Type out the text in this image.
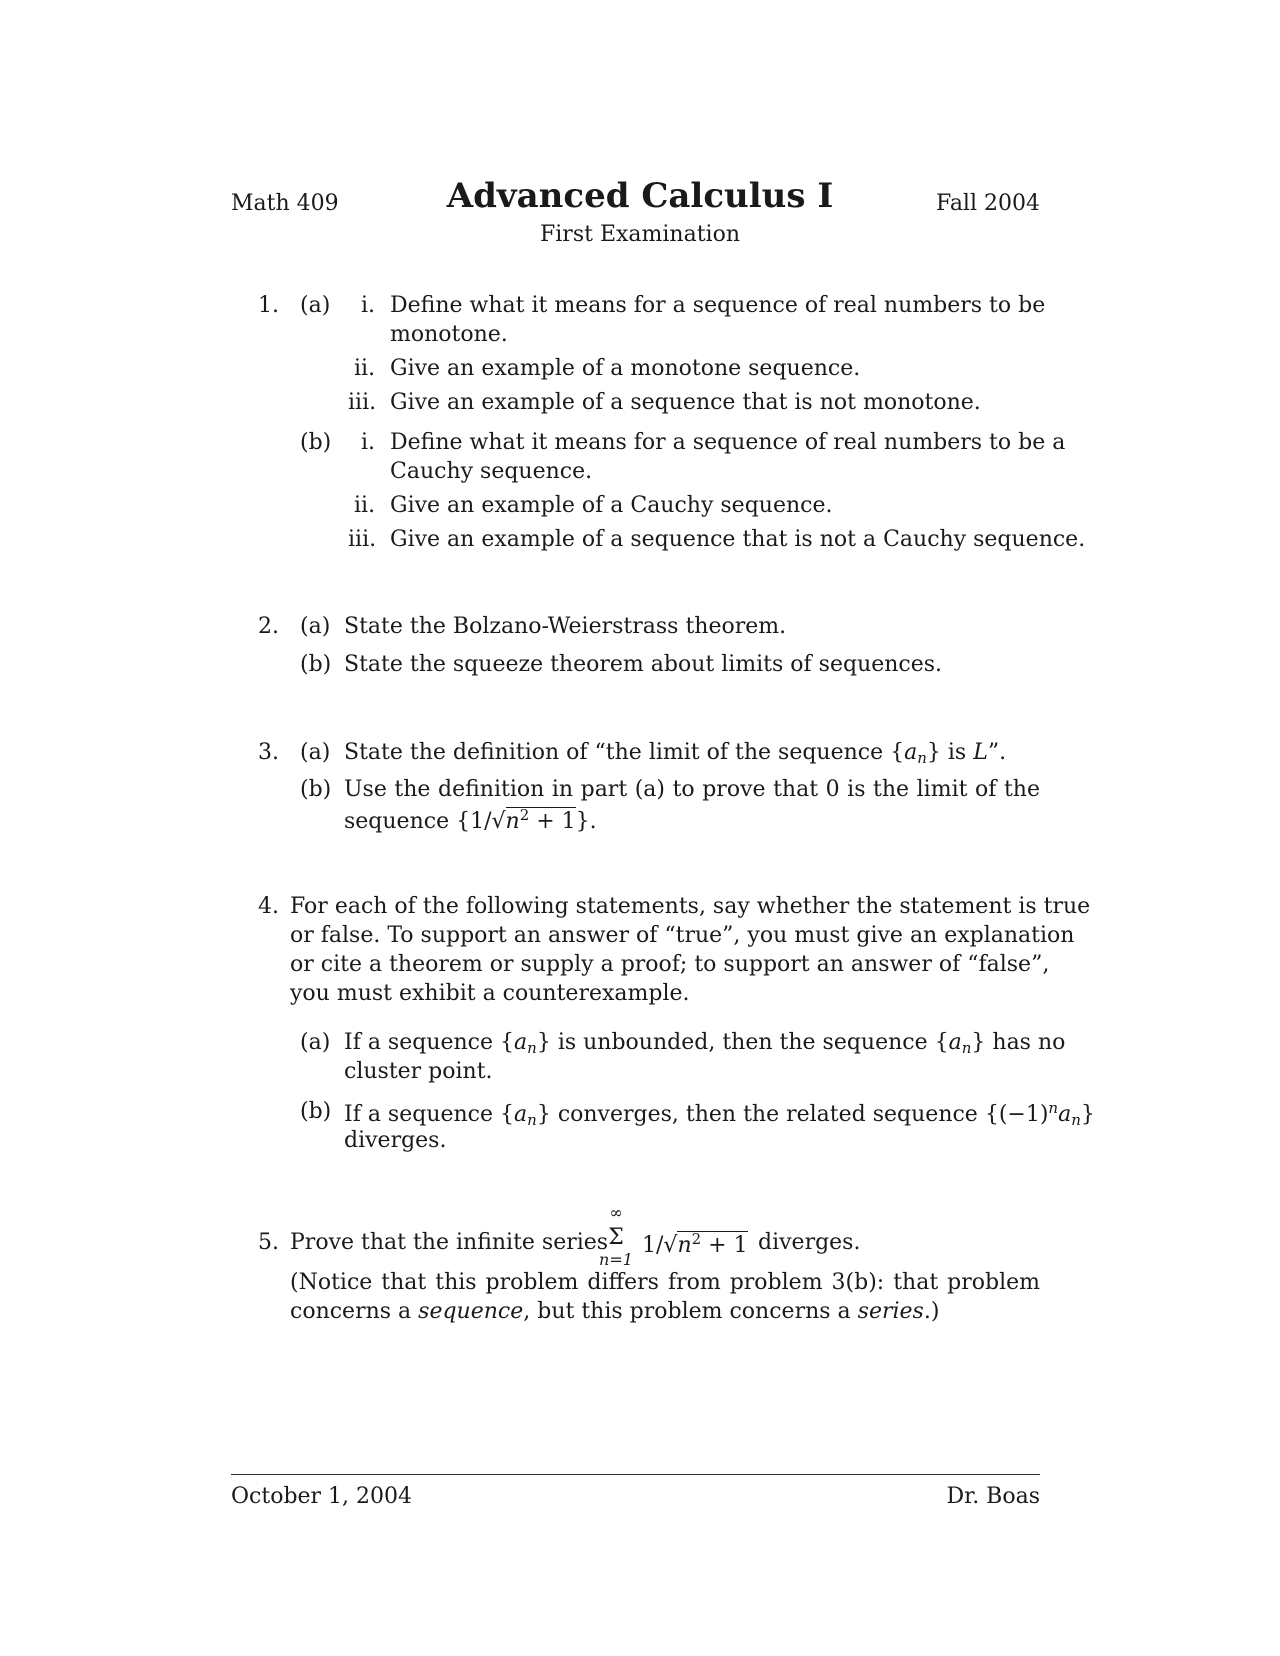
Math 409	Advanced Calculus I
First Examination
Fall 2004
1. (a) i. Define what it means for a sequence of real numbers to be
monotone.
ii. Give an example of a monotone sequence.
iii. Give an example of a sequence that is not monotone.
(b) i. Define what it means for a sequence of real numbers to be a
Cauchy sequence.
ii. Give an example of a Cauchy sequence.
iii. Give an example of a sequence that is not a Cauchy sequence.
2. (a) State the Bolzano-Weierstrass theorem.
(b) State the squeeze theorem about limits of sequences.
3. (a) State the definition of “the limit of the sequence $\{a_n\}$ is L”.
(b) Use the definition in part (a) to prove that 0 is the limit of the
sequence $\{1/√n^2 + 1\}$.
4. For each of the following statements, say whether the statement is true
or false. To support an answer of “true”, you must give an explanation
or cite a theorem or supply a proof; to support an answer of “false”,
you must exhibit a counterexample.
(a) If a sequence $\{a_n\}$ is unbounded, then the sequence $\{a_n\}$ has no
cluster point.
(b) If a sequence $\{a_n\}$ converges, then the related sequence $\{(-1)^na_n\}$
diverges.
5. Prove that the infinite series
∞
Σ
n=1
$1/√n^2 + 1$ diverges.
(Notice that this problem differs from problem 3(b): that problem
concerns a sequence, but this problem concerns a series.)
October 1, 2004	Dr. Boas
